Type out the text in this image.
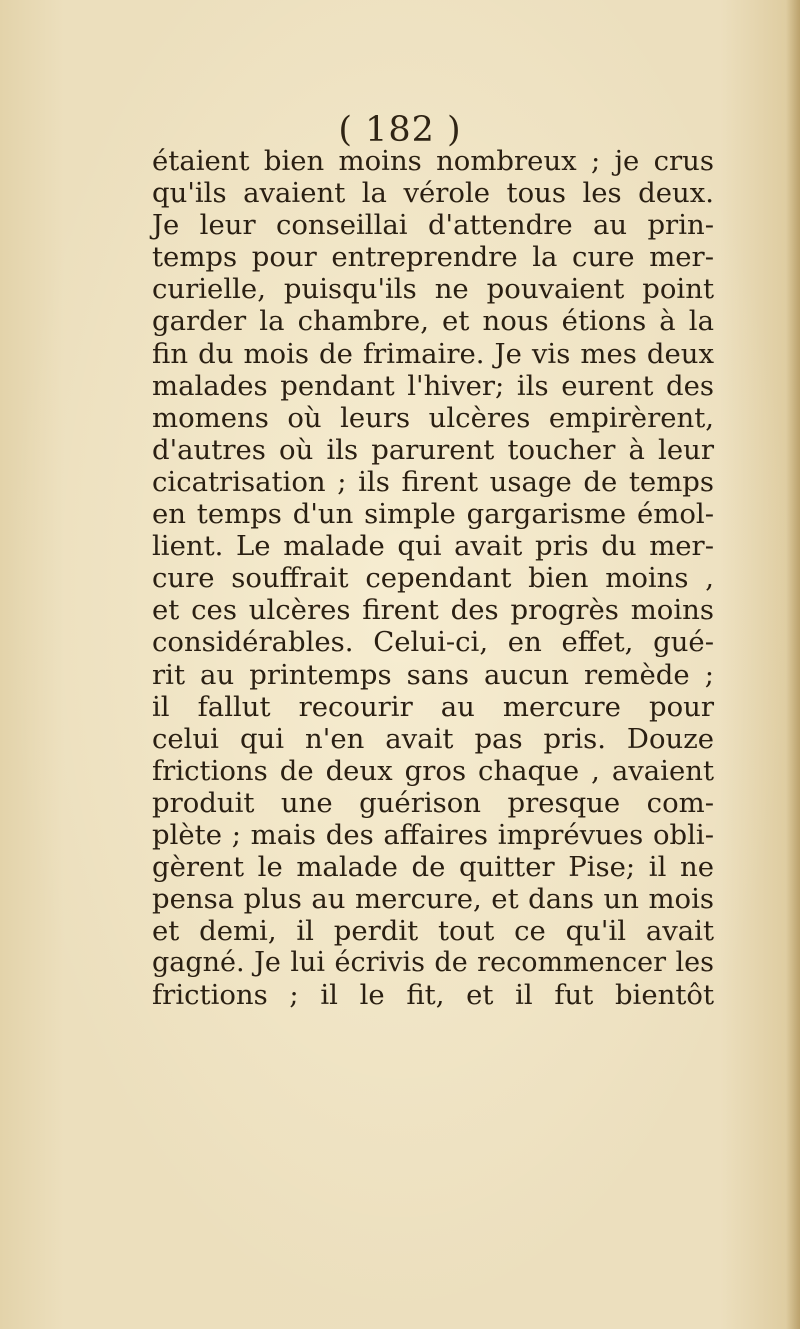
( 182 )
étaient bien moins nombreux ; je crus
qu'ils avaient la vérole tous les deux.
Je leur conseillai d'attendre au prin-
temps pour entreprendre la cure mer-
curielle, puisqu'ils ne pouvaient point
garder la chambre, et nous étions à la
fin du mois de frimaire. Je vis mes deux
malades pendant l'hiver; ils eurent des
momens où leurs ulcères empirèrent,
d'autres où ils parurent toucher à leur
cicatrisation ; ils firent usage de temps
en temps d'un simple gargarisme émol-
lient. Le malade qui avait pris du mer-
cure souffrait cependant bien moins ,
et ces ulcères firent des progrès moins
considérables. Celui-ci, en effet, gué-
rit au printemps sans aucun remède ;
il fallut recourir au mercure pour
celui qui n'en avait pas pris. Douze
frictions de deux gros chaque , avaient
produit une guérison presque com-
plète ; mais des affaires imprévues obli-
gèrent le malade de quitter Pise; il ne
pensa plus au mercure, et dans un mois
et demi, il perdit tout ce qu'il avait
gagné. Je lui écrivis de recommencer les
frictions ; il le fit, et il fut bientôt
